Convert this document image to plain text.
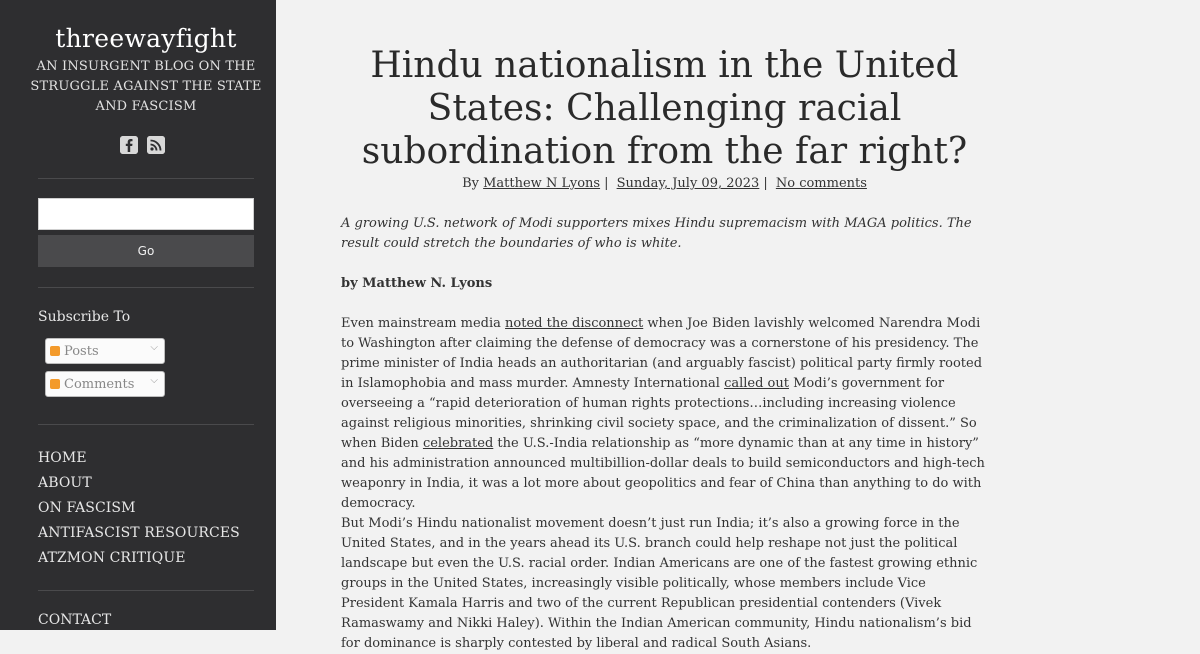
threewayfight
AN INSURGENT BLOG ON THE STRUGGLE AGAINST THE STATE AND FASCISM
Go
Subscribe To
Posts	⌵
Comments ⌵
HOME
ABOUT
ON FASCISM
ANTIFASCIST RESOURCES
ATZMON CRITIQUE
CONTACT
Hindu nationalism in the United States: Challenging racial subordination from the far right?
By Matthew N Lyons | Sunday, July 09, 2023 | No comments

A growing U.S. network of Modi supporters mixes Hindu supremacism with MAGA politics. The result could stretch the boundaries of who is white.

by Matthew N. Lyons

Even mainstream media noted the disconnect when Joe Biden lavishly welcomed Narendra Modi to Washington after claiming the defense of democracy was a cornerstone of his presidency. The prime minister of India heads an authoritarian (and arguably fascist) political party firmly rooted in Islamophobia and mass murder. Amnesty International called out Modi’s government for overseeing a “rapid deterioration of human rights protections…including increasing violence against religious minorities, shrinking civil society space, and the criminalization of dissent.” So when Biden celebrated the U.S.-India relationship as “more dynamic than at any time in history” and his administration announced multibillion-dollar deals to build semiconductors and high-tech weaponry in India, it was a lot more about geopolitics and fear of China than anything to do with democracy.

But Modi’s Hindu nationalist movement doesn’t just run India; it’s also a growing force in the United States, and in the years ahead its U.S. branch could help reshape not just the political landscape but even the U.S. racial order. Indian Americans are one of the fastest growing ethnic groups in the United States, increasingly visible politically, whose members include Vice President Kamala Harris and two of the current Republican presidential contenders (Vivek Ramaswamy and Nikki Haley). Within the Indian American community, Hindu nationalism’s bid for dominance is sharply contested by liberal and radical South Asians.
